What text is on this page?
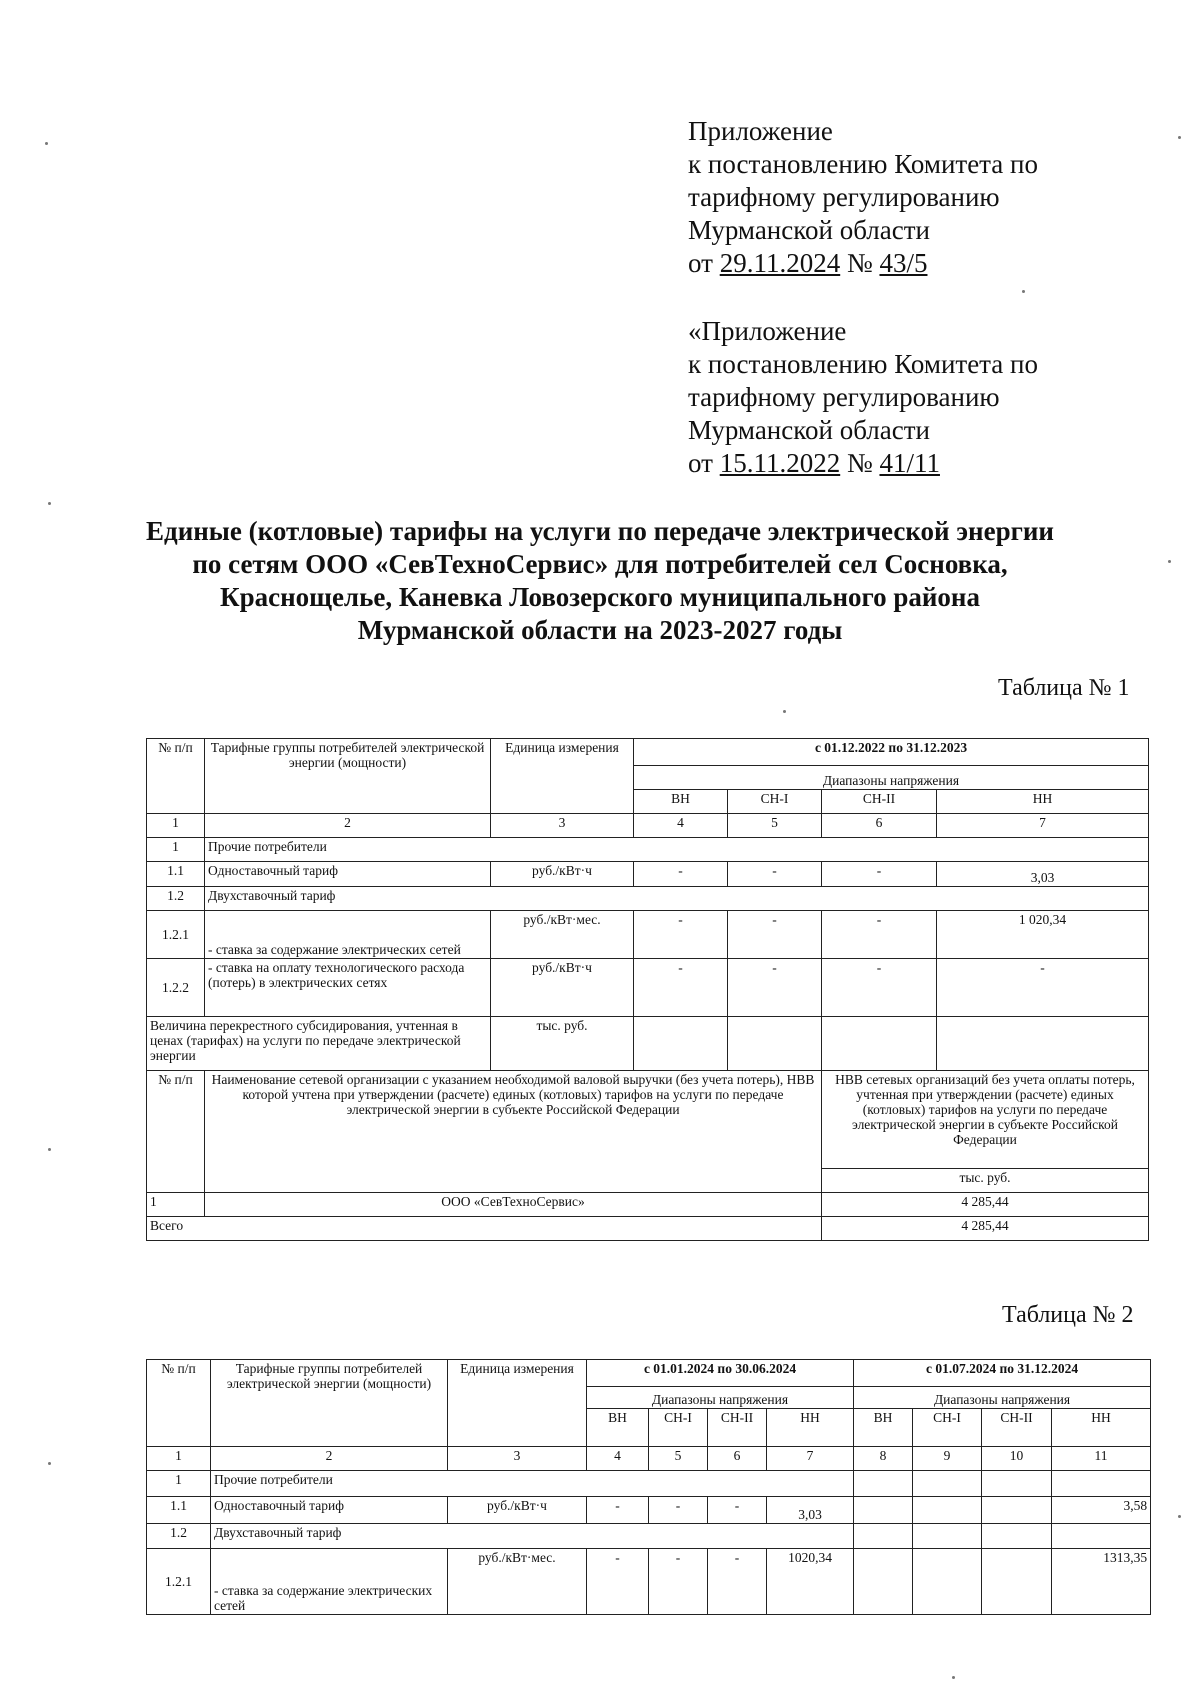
Приложение
к постановлению Комитета по
тарифному регулированию
Мурманской области
от 29.11.2024 № 43/5
«Приложение
к постановлению Комитета по
тарифному регулированию
Мурманской области
от 15.11.2022 № 41/11
Единые (котловые) тарифы на услуги по передаче электрической энергии
по сетям ООО «СевТехноСервис» для потребителей сел Сосновка,
Краснощелье, Каневка Ловозерского муниципального района
Мурманской области на 2023-2027 годы
Таблица № 1
№ п/п	Тарифные группы потребителей электрической энергии (мощности)	Единица измерения	с 01.12.2022 по 31.12.2023			
			Диапазоны напряжения			
			ВН	СН-I	СН-II	НН
1	2	3	4	5	6	7
1	Прочие потребители					
1.1	Одноставочный тариф	руб./кВт·ч	-	-	-	3,03
1.2	Двухставочный тариф					
1.2.1	- ставка за содержание электрических сетей	руб./кВт·мес.	-	-	-	1 020,34
1.2.2	- ставка на оплату технологического расхода (потерь) в электрических сетях	руб./кВт·ч	-	-	-	-
Величина перекрестного субсидирования, учтенная в ценах (тарифах) на услуги по передаче электрической энергии		тыс. руб.				
№ п/п	Наименование сетевой организации с указанием необходимой валовой выручки (без учета потерь), НВВ которой учтена при утверждении (расчете) единых (котловых) тарифов на услуги по передаче электрической энергии в субъекте Российской Федерации				НВВ сетевых организаций без учета оплаты потерь, учтенная при утверждении (расчете) единых (котловых) тарифов на услуги по передаче электрической энергии в субъекте Российской Федерации	
					тыс. руб.	
1	ООО «СевТехноСервис»				4 285,44	
Всего					4 285,44	
Таблица № 2
№ п/п	Тарифные группы потребителей электрической энергии (мощности)	Единица измерения	с 01.01.2024 по 30.06.2024				с 01.07.2024 по 31.12.2024			
			Диапазоны напряжения				Диапазоны напряжения			
			ВН	СН-I	СН-II	НН	ВН	СН-I	СН-II	НН
1	2	3	4	5	6	7	8	9	10	11
1	Прочие потребители									
1.1	Одноставочный тариф	руб./кВт·ч	-	-	-	3,03				3,58
1.2	Двухставочный тариф									
1.2.1	- ставка за содержание электрических сетей	руб./кВт·мес.	-	-	-	1020,34				1313,35
